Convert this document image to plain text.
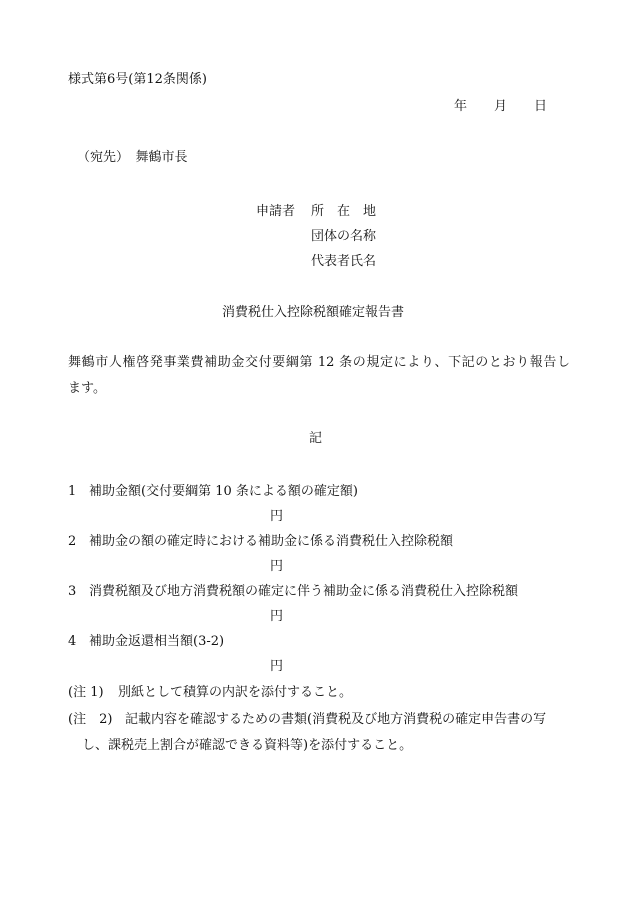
様式第6号(第12条関係)
年 月 日
（宛先）　舞鶴市長
申請者 所　在　地
団体の名称
代表者氏名
消費税仕入控除税額確定報告書
舞鶴市人権啓発事業費補助金交付要綱第 12 条の規定により、下記のとおり報告し
ます。
記
1 補助金額(交付要綱第 10 条による額の確定額)
円
2 補助金の額の確定時における補助金に係る消費税仕入控除税額
円
3 消費税額及び地方消費税額の確定に伴う補助金に係る消費税仕入控除税額
円
4 補助金返還相当額(3-2)
円
(注 1) 別紙として積算の内訳を添付すること。
(注　2) 記載内容を確認するための書類(消費税及び地方消費税の確定申告書の写
し、課税売上割合が確認できる資料等)を添付すること。
